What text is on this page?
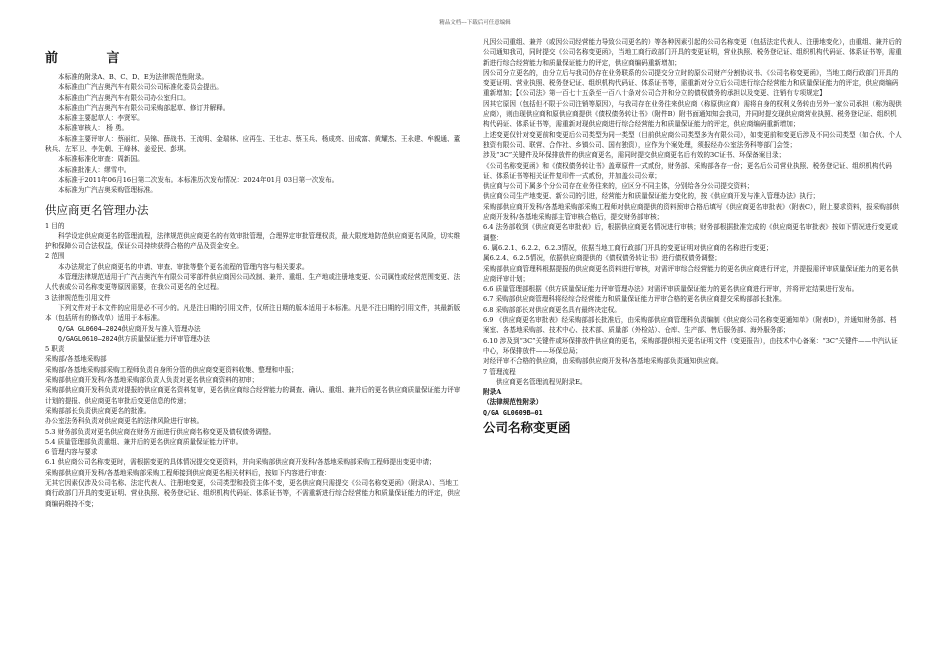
精品文档---下载后可任意编辑
前 言

本标准的附录A、B、C、D、E为法律规范性附录。

本标准由广汽吉奥汽车有限公司公司标准化委员会提出。

本标准由广汽吉奥汽车有限公司办公室归口。

本标准由广汽吉奥汽车有限公司采购部起草、修订并解释。

本标准主要起草人：李贤军。

本标准审核人： 杨 勇。

本标准主要评审人：蔡丽红、吴锦、薛战书、王流明、金瑞林、应再生、王壮志、蔡玉兵、杨成亮、田成富、黄耀杰、王永建、牟親通、董秋兵、左军卫、李先朝、王峰林、姜爱民、彭琪。

本标准标准化审查：周新国。

本标准批准人：缪雪中。

本标准于2011年06月16日第二次发布。本标准历次发布情况：2024年01月 03日第一次发布。

本标准为广汽吉奥采购管理标准。

供应商更名管理办法

1 目的

科学设定供应商更名的管理流程，法律规范供应商更名的有效审批管理，合理界定审批管理权责，最大限度地防范供应商更名风险，切实维护和保障公司合法权益，保证公司持续获得合格的产品及资金安全。

2 范围

本办法规定了供应商更名的申请、审查、审批等整个更名流程的管理内容与相关要求。

本管理法律规范适用于广汽吉奥汽车有限公司零部件供应商因公司改制、兼并、重组、生产地或注册地变更、公司属性或经营范围变更、法人代表或公司名称变更等原因需要，在我公司更名的全过程。

3 法律规范性引用文件

下列文件对于本文件的应用是必不可少的。凡是注日期的引用文件，仅所注日期的版本适用于本标准。凡是不注日期的引用文件，其最新版本（包括所有的修改单）适用于本标准。

Q/GA GL0604—2024供应商开发与准入管理办法

Q/GAGL0610—2024供方质量保证能力评审管理办法

5 职责

采购部/各基地采购部

采购部/各基地采购部采购工程师负责自身所分管的供应商变更资料收集、整理和申报；

采购部供应商开发科/各基地采购部负责人负责对更名供应商资料的初审；

采购部供应商开发科负责对提报的供应商更名资料复审，更名供应商综合经营能力的调查、确认、重组、兼并后的更名供应商质量保证能力评审计划的提报、供应商更名审批后变更信息的传递；

采购部部长负责供应商更名的批准。

办公室法务科负责对供应商更名的法律风险进行审核。

5.3 财务部负责对更名供应商在财务方面进行供应商名称变更及债权债务调整。

5.4 质量管理部负责重组、兼并后的更名供应商质量保证能力评审。

6 管理内容与要求

6.1 供应商公司名称变更时，需根据变更的具体情况提交变更资料，并向采购部供应商开发科/各基地采购部采购工程师提出变更申请；

采购部供应商开发科/各基地采购部采购工程师接到供应商更名相关材料后，按如下内容进行审查：

无其它因素仅涉及公司名称、法定代表人、注册地变更，公司类型和投资主体不变，更名供应商只需提交《公司名称变更函》（附录A）、当地工商行政部门开具的变更证明、营业执照、税务登记证、组织机构代码证、体系证书等，不需重新进行综合经营能力和质量保证能力的评定，供应商编码维持不变；

凡因公司重组、兼并（或因公司经营能力导致公司更名的）等各种因素引起的公司名称变更（包括法定代表人、注册地变化），由重组、兼并后的公司通知我司，同时提交《公司名称变更函》，当地工商行政部门开具的变更证明，营业执照、税务登记证、组织机构代码证、体系证书等，需重新进行综合经营能力和质量保证能力的评定，供应商编码重新增加；

因公司分立更名的，由分立后与我司仍存在业务联系的公司提交分立时的原公司财产分割协议书、《公司名称变更函》，当地工商行政部门开具的变更证明、营业执照、税务登记证、组织机构代码证、体系证书等，需重新对分立后公司进行综合经营能力和质量保证能力的评定，供应商编码重新增加；【《公司法》第一百七十五条至一百八十条对公司合并和分立的债权债务的承担以及变更、注销有专项规定】

因其它原因（包括但不限于公司注销等原因），与我司存在业务往来供应商（称原供应商）需将自身的权利义务转由另外一家公司承担（称为现供应商），则由现供应商和原供应商提供《债权债务转让书》（附件B）附书面通知知会我司，并同时提交现供应商营业执照、税务登记证、组织机构代码证、体系证书等，需重新对现供应商进行综合经营能力和质量保证能力的评定，供应商编码重新增加；

上述变更仅针对变更前和变更后公司类型为同一类型（目前供应商公司类型多为有限公司），如变更前和变更后涉及不同公司类型（如合伙、个人独资有限公司、联营、合作社、乡镇公司、国有独资），应作为个案处理，须报经办公室法务科等部门会签；

涉及“3C”关键件及环保排放件的供应商更名，需同时提交供应商更名后有效的3C证书、环保备案目录；

《公司名称变更函》和《债权债务转让书》盖章原件一式贰份，财务部、采购部各存一份；更名后公司营业执照、税务登记证、组织机构代码证、体系证书等相关证件复印件一式贰份，并加盖公司公章；

供应商与公司下属多个分公司存在业务往来的，应区分不同主体，分别给各分公司提交资料；

供应商公司生产地变更、新公司的引进，经营能力和质量保证能力变化的，按《供应商开发与准入管理办法》执行；

采购部供应商开发科/各基地采购部采购工程师对供应商提供的资料预审合格后填写《供应商更名审批表》（附表C），附上要求资料，报采购部供应商开发科/各基地采购部主管审核合格后，提交财务部审核；

6.4 法务部收到《供应商更名审批表》后，根据供应商更名情况进行审核；财务部根据批准完成的《供应商更名审批表》按如下情况进行变更或调整：

6. 属6.2.1、6.2.2、6.2.3情况，依据当地工商行政部门开具的变更证明对供应商的名称进行变更；

属6.2.4、6.2.5情况，依据供应商提供的《债权债务转让书》进行债权债务调整；

采购部供应商管理科根据提报的供应商更名资料进行审核，对需评审综合经营能力的更名供应商进行评定，并提报需评审质量保证能力的更名供应商评审计划；

6.6 质量管理部根据《供方质量保证能力评审管理办法》对需评审质量保证能力的更名供应商进行评审，并将评定结果进行发布。

6.7 采购部供应商管理科将经综合经营能力和质量保证能力评审合格的更名供应商提交采购部部长批准。

6.8 采购部部长对供应商更名具有最终决定权。

6.9 《供应商更名审批表》经采购部部长批准后，由采购部供应商管理科负责编制《供应商公司名称变更通知单》（附表D），并通知财务部、档案室、各基地采购部、技术中心、技术部、质量部（外检站）、仓库、生产部、售后服务部、海外服务部；

6.10 涉及到“3C”关键件或环保排放件供应商的更名，采购部提供相关更名证明文件（变更报告），由技术中心备案：“3C”关键件——中汽认证中心，环保排放件——环保总局；

对经评审不合格的供应商，由采购部供应商开发科/各基地采购部负责通知供应商。

7 管理流程

供应商更名管理流程见附录E。

附录A

（法律规范性附录）

Q/GA GL0609B—01

公司名称变更函
